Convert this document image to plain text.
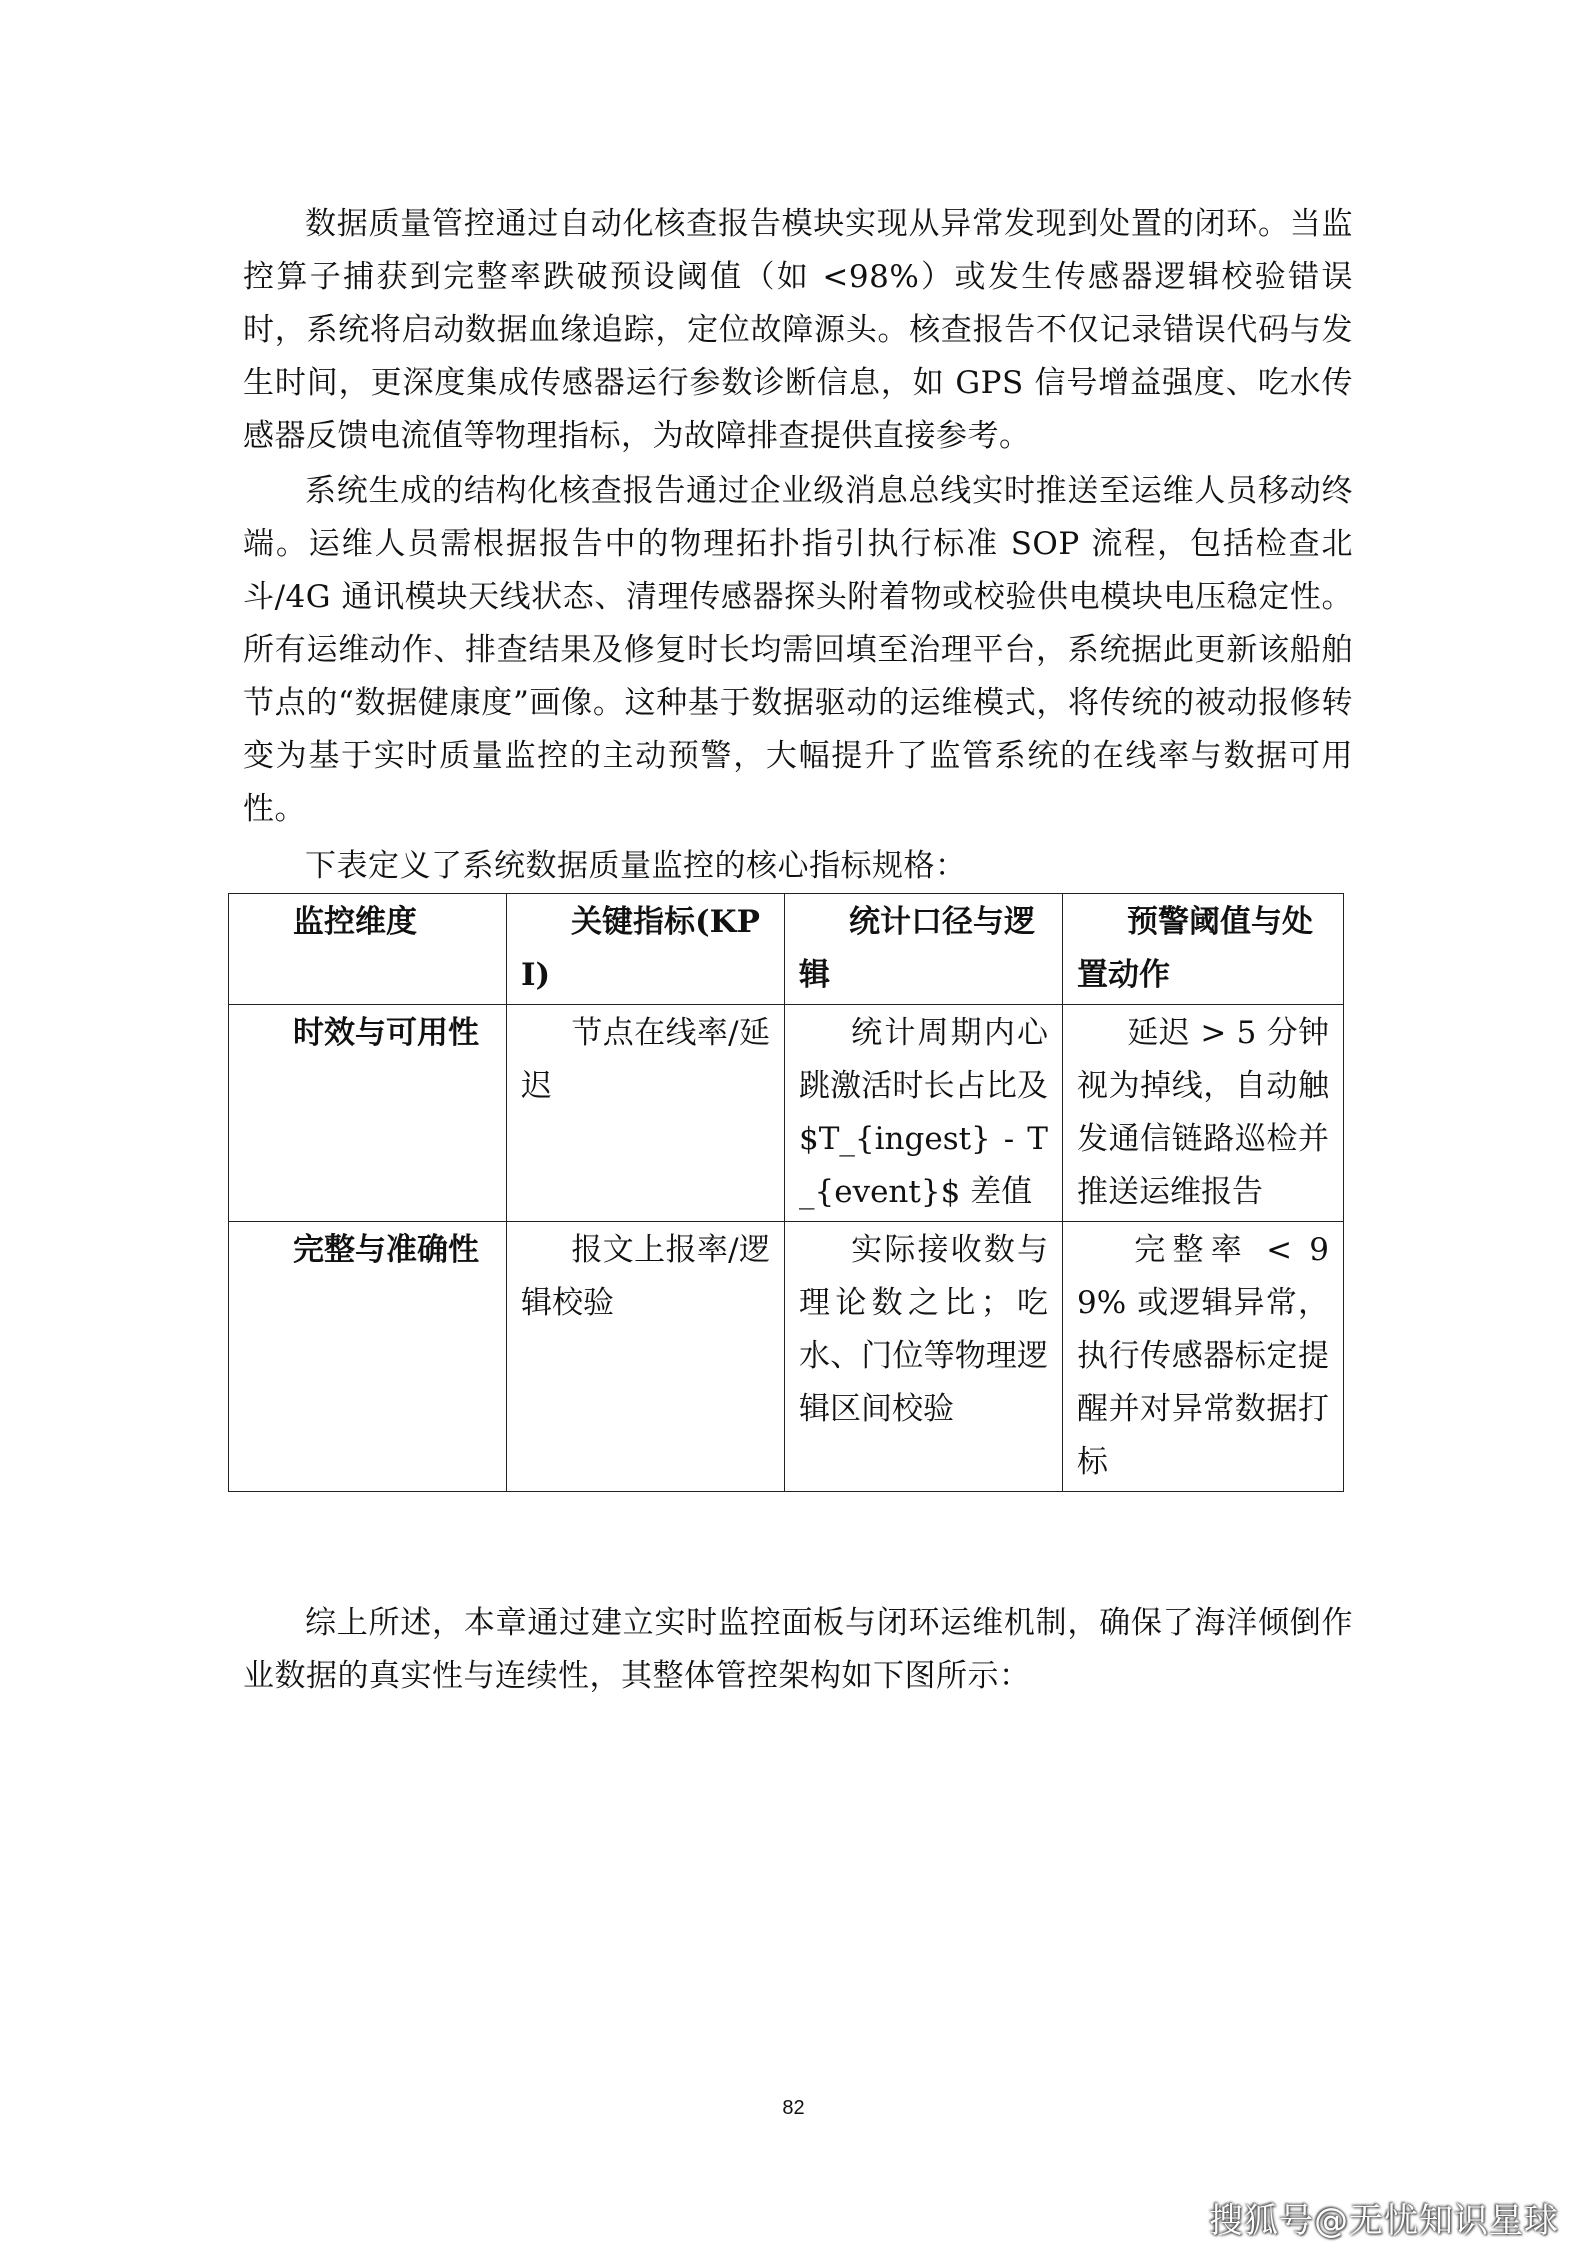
数据质量管控通过自动化核查报告模块实现从异常发现到处置的闭环。当监控算子捕获到完整率跌破预设阈值（如 <98%）或发生传感器逻辑校验错误时，系统将启动数据血缘追踪，定位故障源头。核查报告不仅记录错误代码与发生时间，更深度集成传感器运行参数诊断信息，如 GPS 信号增益强度、吃水传感器反馈电流值等物理指标，为故障排查提供直接参考。

系统生成的结构化核查报告通过企业级消息总线实时推送至运维人员移动终端。运维人员需根据报告中的物理拓扑指引执行标准 SOP 流程，包括检查北斗/4G 通讯模块天线状态、清理传感器探头附着物或校验供电模块电压稳定性。所有运维动作、排查结果及修复时长均需回填至治理平台，系统据此更新该船舶节点的“数据健康度”画像。这种基于数据驱动的运维模式，将传统的被动报修转变为基于实时质量监控的主动预警，大幅提升了监管系统的在线率与数据可用性。

下表定义了系统数据质量监控的核心指标规格：

监控维度	关键指标(KPI)	统计口径与逻辑	预警阈值与处置动作
时效与可用性	节点在线率/延迟	统计周期内心跳激活时长占比及 $T_{ingest} - T_{event}$ 差值	延迟 > 5 分钟视为掉线，自动触发通信链路巡检并推送运维报告
完整与准确性	报文上报率/逻辑校验	实际接收数与理论数之比；吃水、门位等物理逻辑区间校验	完整率 < 99% 或逻辑异常，执行传感器标定提醒并对异常数据打标

综上所述，本章通过建立实时监控面板与闭环运维机制，确保了海洋倾倒作业数据的真实性与连续性，其整体管控架构如下图所示：

82
搜狐号@无忧知识星球
